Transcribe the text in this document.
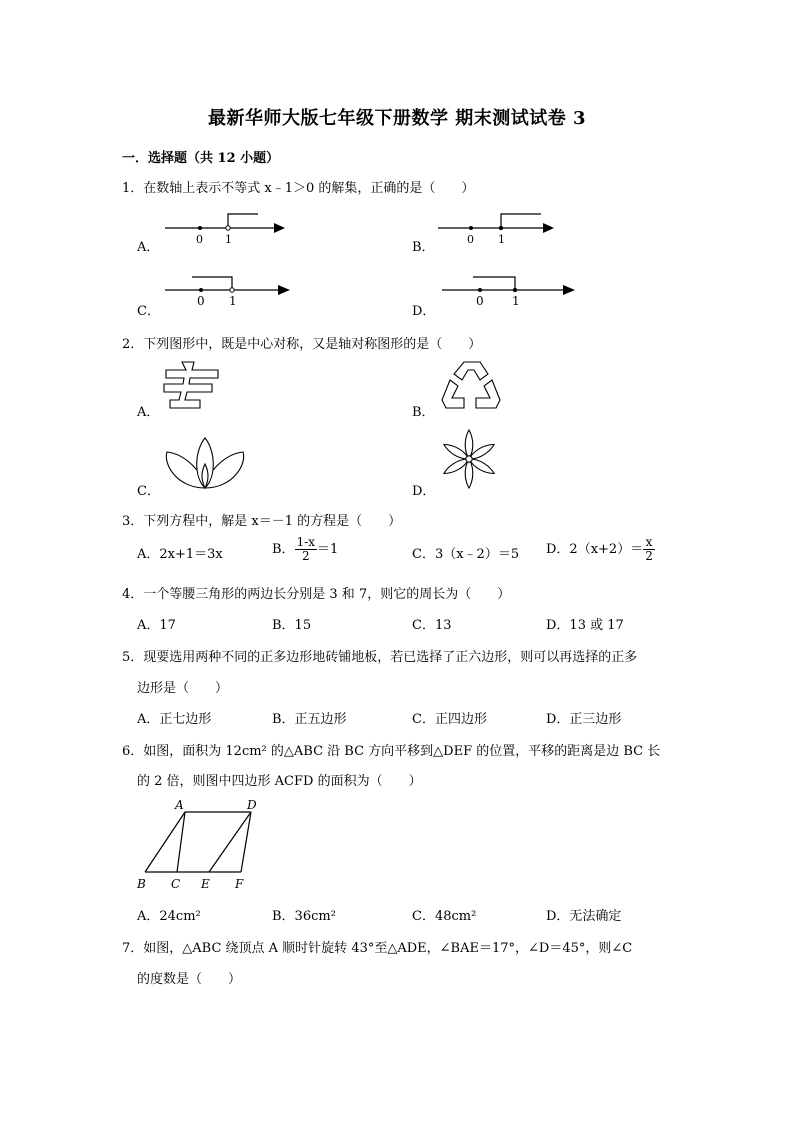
最新华师大版七年级下册数学 期末测试试卷 3
一．选择题（共 12 小题）
1．在数轴上表示不等式 x﹣1＞0 的解集，正确的是（　　）
A．	B．
C．	D．
0 1	0 1
0 1	0 1
2．下列图形中，既是中心对称，又是轴对称图形的是（　　）
A．	B．
C．	D．
3．下列方程中，解是 x＝－1 的方程是（　　）
A．2x+1＝3x	B． $\frac{1-x}{2} =1$	C．3（x﹣2）＝5 D．$2(x+2)= \frac{x}{2}$
4．一个等腰三角形的两边长分别是 3 和 7，则它的周长为（　　）
A．17	B．15	C．13	D．13 或 17
5．现要选用两种不同的正多边形地砖铺地板，若已选择了正六边形，则可以再选择的正多
边形是（　　）
A．正七边形	B．正五边形	C．正四边形	D．正三边形
6．如图，面积为 12cm² 的△ABC 沿 BC 方向平移到△DEF 的位置，平移的距离是边 BC 长
的 2 倍，则图中四边形 ACFD 的面积为（　　）
A	D
B C E F
A．24cm²	B．36cm²	C．48cm²	D．无法确定
7．如图，△ABC 绕顶点 A 顺时针旋转 43°至△ADE，∠BAE＝17°，∠D＝45°，则∠C
的度数是（　　）
